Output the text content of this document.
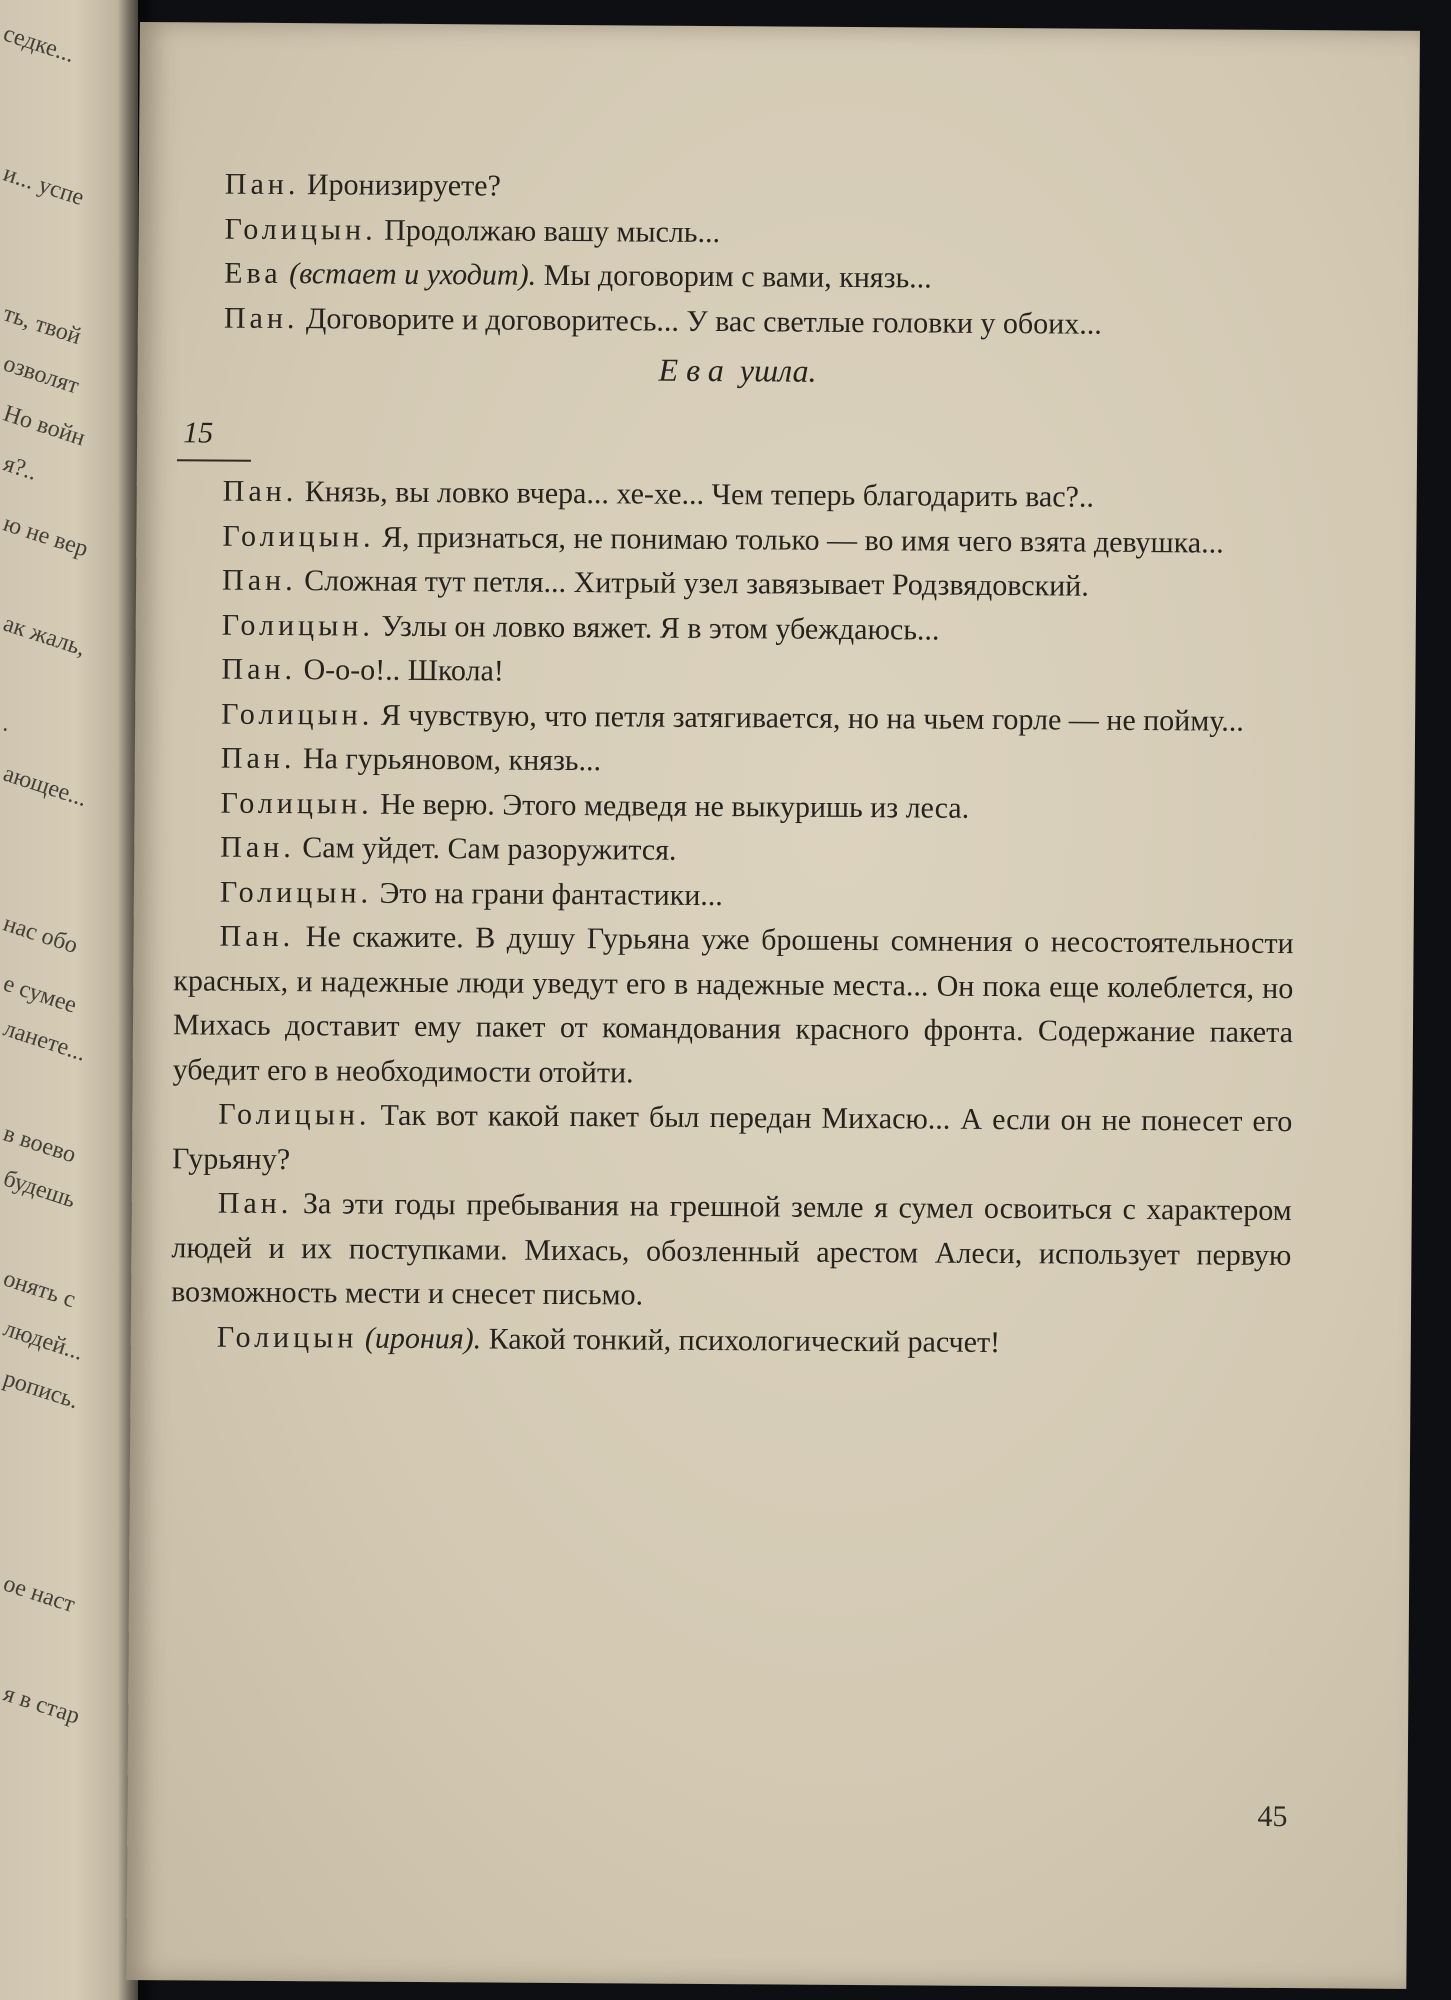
седке...
и... успе
ть, твой
озволят
Но войн
я?..
ю не вер
ак жаль,
.
ающее...
нас обо
е сумее
ланете...
в воево
будешь
онять с
людей...
ропись.
ое наст
я в стар

Пан. Иронизируете?

Голицын. Продолжаю вашу мысль...

Ева (встает и уходит). Мы договорим с вами, князь...

Пан. Договорите и договоритесь... У вас светлые головки у обоих...

Ева ушла.

15

Пан. Князь, вы ловко вчера... хе-хе... Чем теперь благодарить вас?..

Голицын. Я, признаться, не понимаю только — во имя чего взята девушка...

Пан. Сложная тут петля... Хитрый узел завязывает Родзвядовский.

Голицын. Узлы он ловко вяжет. Я в этом убеждаюсь...

Пан. О-о-о!.. Школа!

Голицын. Я чувствую, что петля затягивается, но на чьем горле — не пойму...

Пан. На гурьяновом, князь...

Голицын. Не верю. Этого медведя не выкуришь из леса.

Пан. Сам уйдет. Сам разоружится.

Голицын. Это на грани фантастики...

Пан. Не скажите. В душу Гурьяна уже брошены сомнения о несостоятельности красных, и надежные люди уведут его в надежные места... Он пока еще колеблется, но Михась доставит ему пакет от командования красного фронта. Содержание пакета убедит его в необходимости отойти.

Голицын. Так вот какой пакет был передан Михасю... А если он не понесет его Гурьяну?

Пан. За эти годы пребывания на грешной земле я сумел освоиться с характером людей и их поступками. Михась, обозленный арестом Алеси, использует первую возможность мести и снесет письмо.

Голицын (ирония). Какой тонкий, психологический расчет!

45
